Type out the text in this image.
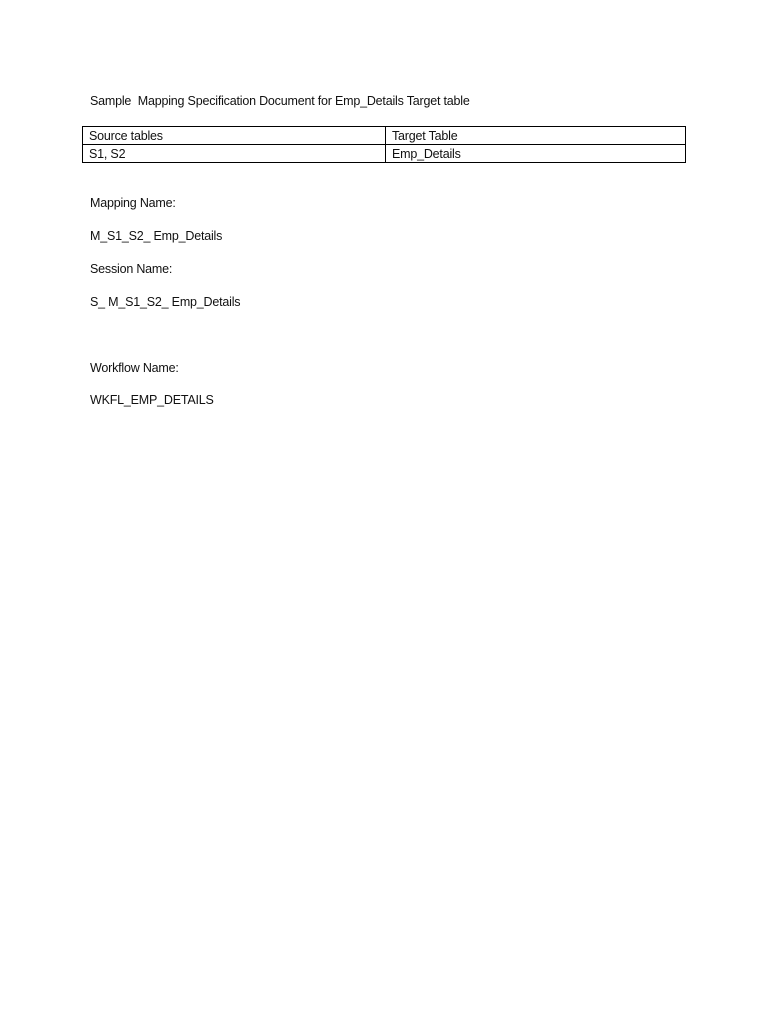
Sample  Mapping Specification Document for Emp_Details Target table
Source tables	Target Table
S1, S2	Emp_Details
Mapping Name:
M_S1_S2_ Emp_Details
Session Name:
S_ M_S1_S2_ Emp_Details
Workflow Name:
WKFL_EMP_DETAILS
